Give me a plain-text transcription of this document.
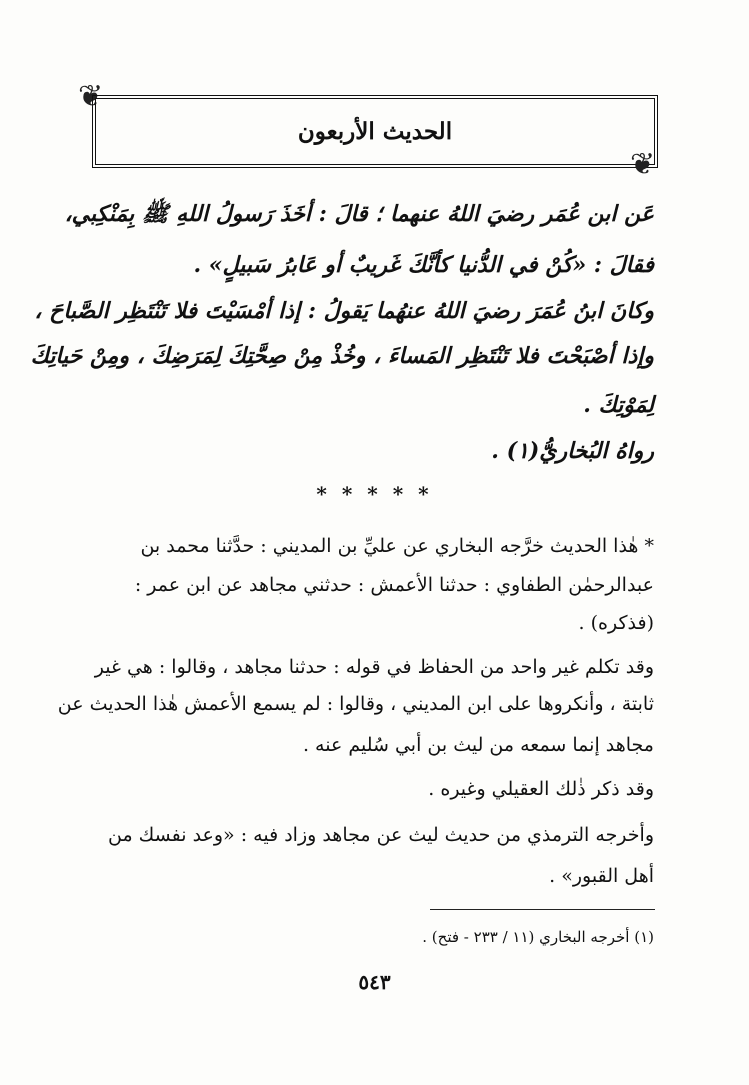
❦
الحديث الأربعون
❦
عَن ابن عُمَر رضيَ اللهُ عنهما ؛ قالَ : أخَذَ رَسولُ اللهِ ﷺ بِمَنْكِبي،
فقالَ : «كُنْ في الدُّنيا كأنَّكَ غَريبٌ أو عَابرُ سَبيلٍ» .
وكانَ ابنُ عُمَرَ رضيَ اللهُ عنهُما يَقولُ : إذا أمْسَيْتَ فلا تَنْتَظِر الصَّباحَ ،
وإذا أصْبَحْتَ فلا تَنْتَظِر المَساءَ ، وخُذْ مِنْ صِحَّتِكَ لِمَرَضِكَ ، ومِنْ حَياتِكَ
لِمَوْتِكَ .
رواهُ البُخاريُّ(١) .
* * * * *
* هٰذا الحديث خرَّجه البخاري عن عليِّ بن المديني : حدَّثنا محمد بن
عبدالرحمٰن الطفاوي : حدثنا الأعمش : حدثني مجاهد عن ابن عمر :
(فذكره) .
وقد تكلم غير واحد من الحفاظ في قوله : حدثنا مجاهد ، وقالوا : هي غير
ثابتة ، وأنكروها على ابن المديني ، وقالوا : لم يسمع الأعمش هٰذا الحديث عن
مجاهد إنما سمعه من ليث بن أبي سُليم عنه .
وقد ذكر ذٰلك العقيلي وغيره .
وأخرجه الترمذي من حديث ليث عن مجاهد وزاد فيه : «وعد نفسك من
أهل القبور» .
(١) أخرجه البخاري (١١ / ٢٣٣ - فتح) .
٥٤٣
